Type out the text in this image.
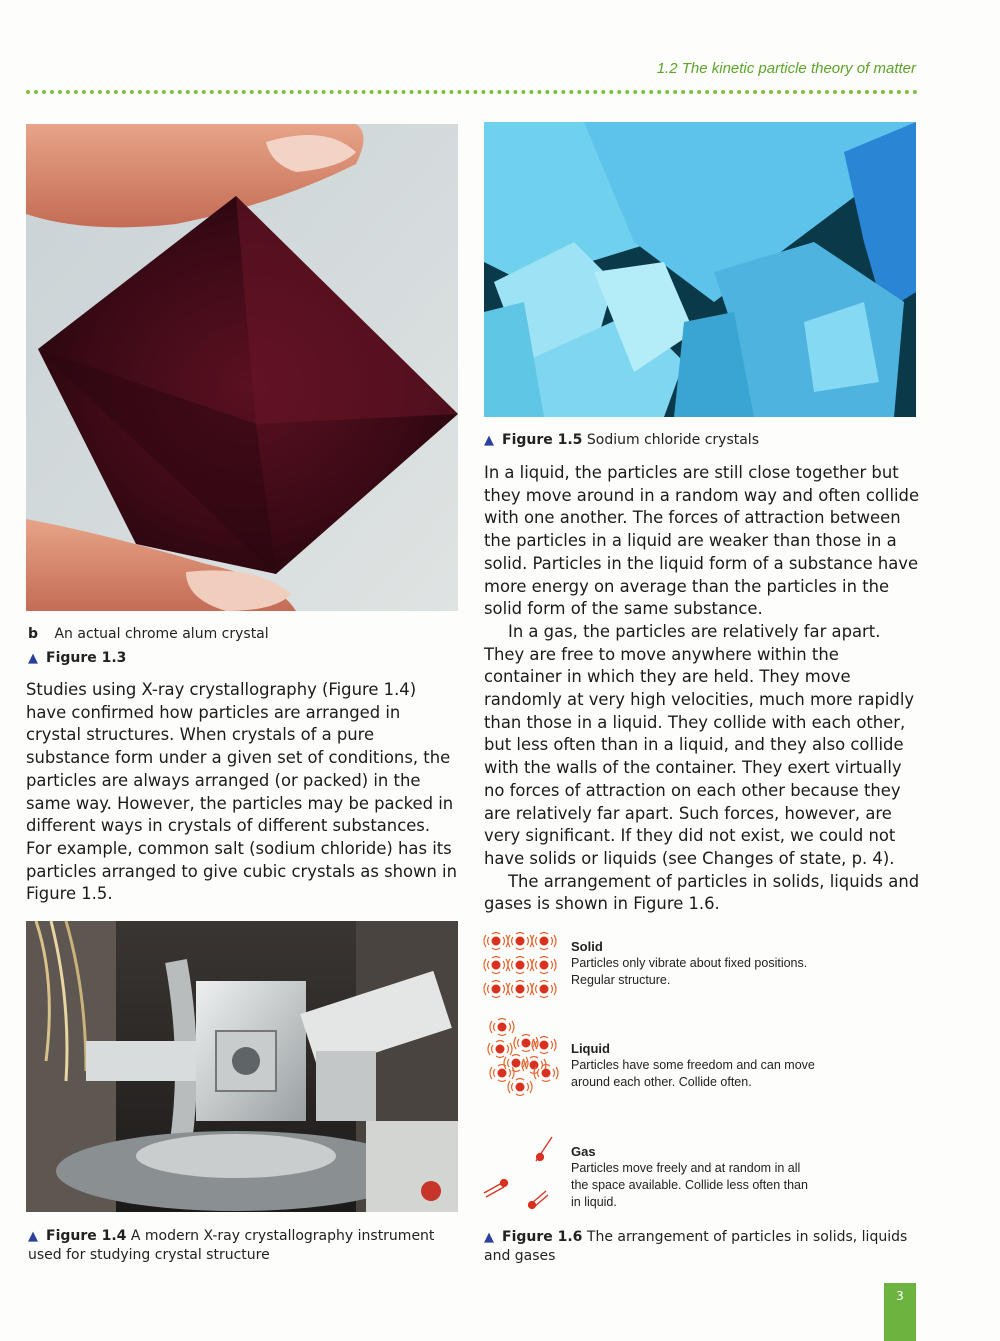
1.2 The kinetic particle theory of matter
b An actual chrome alum crystal
▲ Figure 1.3

Studies using X-ray crystallography (Figure 1.4) have confirmed how particles are arranged in crystal structures. When crystals of a pure substance form under a given set of conditions, the particles are always arranged (or packed) in the same way. However, the particles may be packed in different ways in crystals of different substances. For example, common salt (sodium chloride) has its particles arranged to give cubic crystals as shown in Figure 1.5.

▲ Figure 1.4 A modern X-ray crystallography instrument used for studying crystal structure
▲ Figure 1.5 Sodium chloride crystals

In a liquid, the particles are still close together but they move around in a random way and often collide with one another. The forces of attraction between the particles in a liquid are weaker than those in a solid. Particles in the liquid form of a substance have more energy on average than the particles in the solid form of the same substance.

In a gas, the particles are relatively far apart. They are free to move anywhere within the container in which they are held. They move randomly at very high velocities, much more rapidly than those in a liquid. They collide with each other, but less often than in a liquid, and they also collide with the walls of the container. They exert virtually no forces of attraction on each other because they are relatively far apart. Such forces, however, are very significant. If they did not exist, we could not have solids or liquids (see Changes of state, p. 4).

The arrangement of particles in solids, liquids and gases is shown in Figure 1.6.

Solid
Particles only vibrate about fixed positions.
Regular structure.
Liquid
Particles have some freedom and can move
around each other. Collide often.
Gas
Particles move freely and at random in all
the space available. Collide less often than
in liquid.
▲ Figure 1.6 The arrangement of particles in solids, liquids and gases
3
